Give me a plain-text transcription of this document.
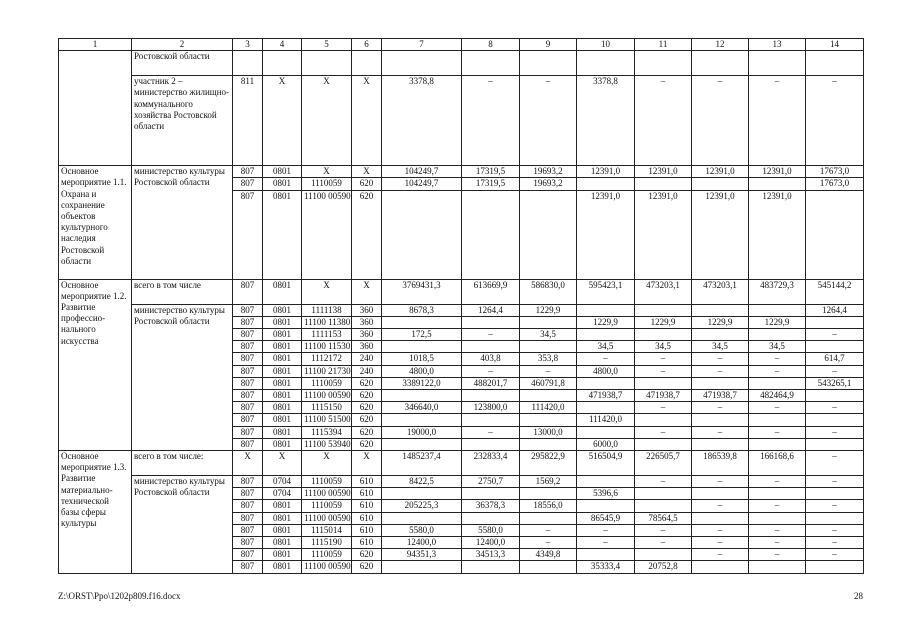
1	2	3	4	5	6	7	8	9	10	11	12	13	14
	Ростовской области												
	участник 2 – министерство жилищно-коммунального хозяйства Ростовской области	811	Х	Х	Х	3378,8	–	–	3378,8	–	–	–	–
Основное мероприятие 1.1. Охрана и сохранение объектов культурного наследия Ростовской области	министерство культуры Ростовской области	807	0801	Х	Х	104249,7	17319,5	19693,2	12391,0	12391,0	12391,0	12391,0	17673,0
		807	0801	1110059	620	104249,7	17319,5	19693,2					17673,0
		807	0801	11100 00590	620				12391,0	12391,0	12391,0	12391,0	
Основное мероприятие 1.2. Развитие профессио-нального искусства	всего в том числе	807	0801	Х	Х	3769431,3	613669,9	586830,0	595423,1	473203,1	473203,1	483729,3	545144,2
	министерство культуры Ростовской области	807	0801	1111138	360	8678,3	1264,4	1229,9					1264,4
		807	0801	11100 11380	360				1229,9	1229,9	1229,9	1229,9	
		807	0801	1111153	360	172,5	–	34,5					–
		807	0801	11100 11530	360				34,5	34,5	34,5	34,5	
		807	0801	1112172	240	1018,5	403,8	353,8	–	–	–	–	614,7
		807	0801	11100 21730	240	4800,0	–	–	4800,0	–	–	–	–
		807	0801	1110059	620	3389122,0	488201,7	460791,8					543265,1
		807	0801	11100 00590	620				471938,7	471938,7	471938,7	482464,9	
		807	0801	1115150	620	346640,0	123800,0	111420,0		–	–	–	–
		807	0801	11100 51500	620				111420,0				
		807	0801	1115394	620	19000,0	–	13000,0		–	–	–	–
		807	0801	11100 53940	620				6000,0				
Основное мероприятие 1.3. Развитие материально-технической базы сферы культуры	всего в том числе:	Х	Х	Х	Х	1485237,4	232833,4	295822,9	516504,9	226505,7	186539,8	166168,6	–
	министерство культуры Ростовской области	807	0704	1110059	610	8422,5	2750,7	1569,2		–	–	–	–
		807	0704	11100 00590	610				5396,6				
		807	0801	1110059	610	205225,3	36378,3	18556,0			–	–	–
		807	0801	11100 00590	610				86545,9	78564,5			
		807	0801	1115014	610	5580,0	5580,0	–	–	–	–	–	–
		807	0801	1115190	610	12400,0	12400,0	–	–	–	–	–	–
		807	0801	1110059	620	94351,3	34513,3	4349,8			–	–	–
		807	0801	11100 00590	620				35333,4	20752,8			
Z:\ORST\Ppo\1202p809.f16.docx	28
